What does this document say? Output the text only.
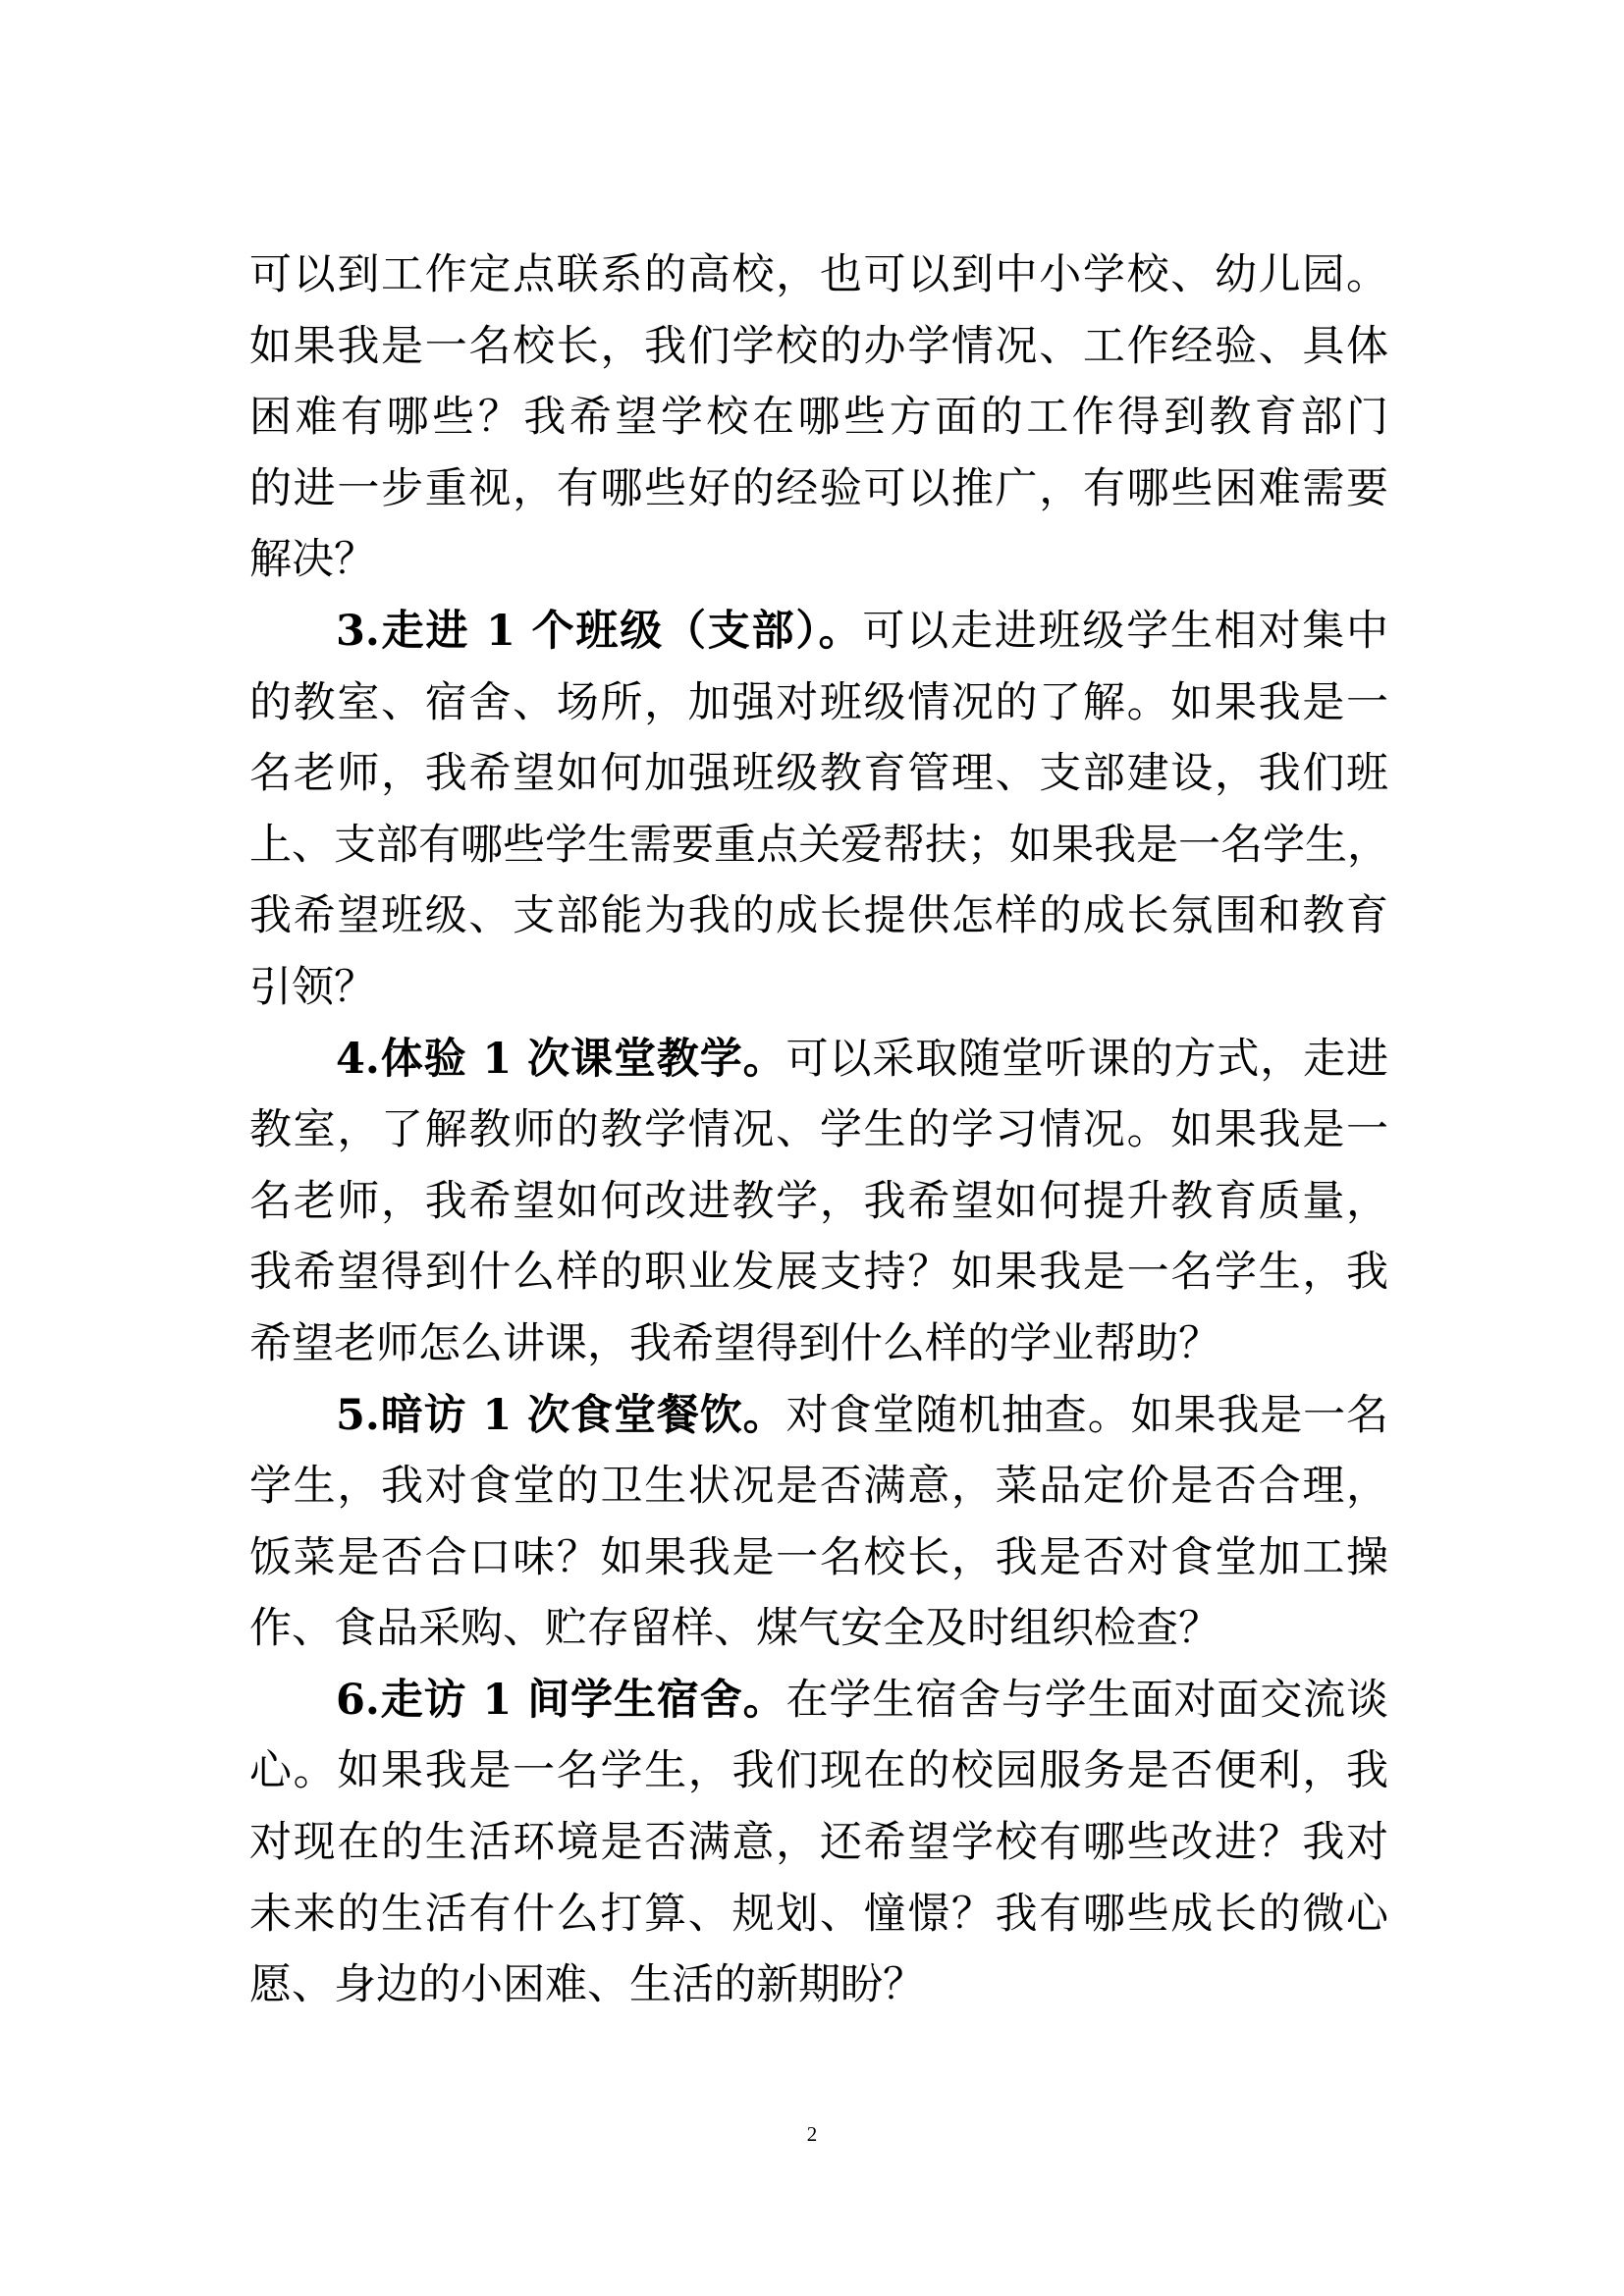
可以到工作定点联系的高校，也可以到中小学校、幼儿园。
如果我是一名校长，我们学校的办学情况、工作经验、具体
困难有哪些？我希望学校在哪些方面的工作得到教育部门
的进一步重视，有哪些好的经验可以推广，有哪些困难需要
解决？
3.走进 1 个班级（支部）。可以走进班级学生相对集中
的教室、宿舍、场所，加强对班级情况的了解。如果我是一
名老师，我希望如何加强班级教育管理、支部建设，我们班
上、支部有哪些学生需要重点关爱帮扶；如果我是一名学生，
我希望班级、支部能为我的成长提供怎样的成长氛围和教育
引领？
4.体验 1 次课堂教学。可以采取随堂听课的方式，走进
教室，了解教师的教学情况、学生的学习情况。如果我是一
名老师，我希望如何改进教学，我希望如何提升教育质量，
我希望得到什么样的职业发展支持？如果我是一名学生，我
希望老师怎么讲课，我希望得到什么样的学业帮助？
5.暗访 1 次食堂餐饮。对食堂随机抽查。如果我是一名
学生，我对食堂的卫生状况是否满意，菜品定价是否合理，
饭菜是否合口味？如果我是一名校长，我是否对食堂加工操
作、食品采购、贮存留样、煤气安全及时组织检查？
6.走访 1 间学生宿舍。在学生宿舍与学生面对面交流谈
心。如果我是一名学生，我们现在的校园服务是否便利，我
对现在的生活环境是否满意，还希望学校有哪些改进？我对
未来的生活有什么打算、规划、憧憬？我有哪些成长的微心
愿、身边的小困难、生活的新期盼？
2
